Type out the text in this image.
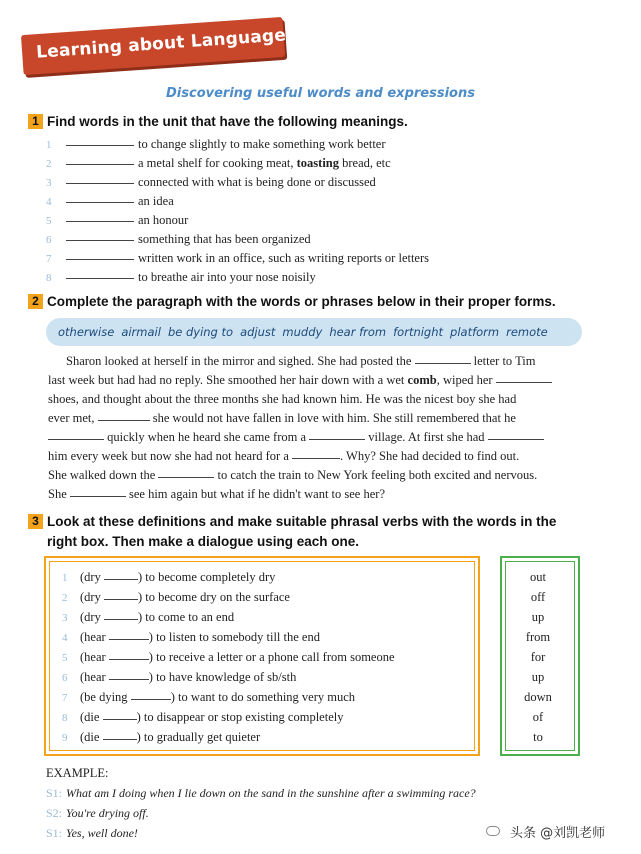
Learning about Language
Discovering useful words and expressions
1 Find words in the unit that have the following meanings.
1	to change slightly to make something work better
2	a metal shelf for cooking meat, toasting bread, etc
3	connected with what is being done or discussed
4	an idea
5	an honour
6	something that has been organized
7	written work in an office, such as writing reports or letters
8	to breathe air into your nose noisily
2 Complete the paragraph with the words or phrases below in their proper forms.
otherwise airmail be dying to adjust muddy hear from fortnight platform remote
Sharon looked at herself in the mirror and sighed. She had posted the	letter to Tim
last week but had had no reply. She smoothed her hair down with a wet comb, wiped her
shoes, and thought about the three months she had known him. He was the nicest boy she had
ever met,	she would not have fallen in love with him. She still remembered that he
quickly when he heard she came from a	village. At first she had
him every week but now she had not heard for a	. Why? She had decided to find out.
She walked down the	to catch the train to New York feeling both excited and nervous.
She	see him again but what if he didn't want to see her?
3 Look at these definitions and make suitable phrasal verbs with the words in the
right box. Then make a dialogue using each one.
1 (dry	) to become completely dry
2 (dry	) to become dry on the surface
3 (dry	) to come to an end
4 (hear	) to listen to somebody till the end
5 (hear	) to receive a letter or a phone call from someone
6 (hear	) to have knowledge of sb/sth
7 (be dying	) to want to do something very much
8 (die	) to disappear or stop existing completely
9 (die	) to gradually get quieter
out
off
up
from
for
up
down
of
to
EXAMPLE:
S1: What am I doing when I lie down on the sand in the sunshine after a swimming race?
S2: You're drying off.
S1: Yes, well done!	头条 @刘凯老师
